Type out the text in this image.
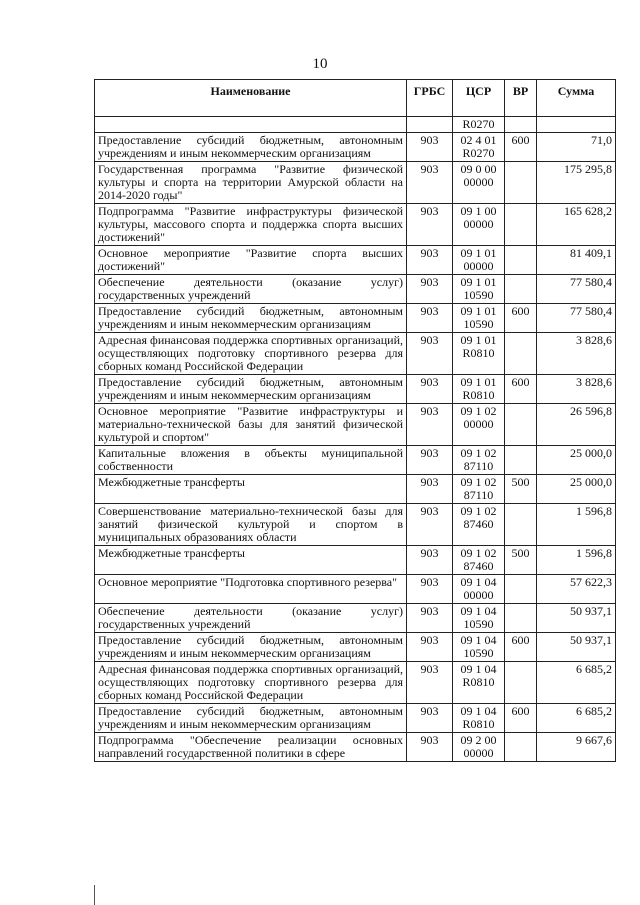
10
Наименование	ГРБС	ЦСР	ВР	Сумма
		R0270		
Предоставление субсидий бюджетным, автономным учреждениям и иным некоммерческим организациям	903	02 4 01 R0270	600	71,0
Государственная программа "Развитие физической культуры и спорта на территории Амурской области на 2014-2020 годы"	903	09 0 00 00000		175 295,8
Подпрограмма "Развитие инфраструктуры физической культуры, массового спорта и поддержка спорта высших достижений"	903	09 1 00 00000		165 628,2
Основное мероприятие "Развитие спорта высших достижений"	903	09 1 01 00000		81 409,1
Обеспечение деятельности (оказание услуг) государственных учреждений	903	09 1 01 10590		77 580,4
Предоставление субсидий бюджетным, автономным учреждениям и иным некоммерческим организациям	903	09 1 01 10590	600	77 580,4
Адресная финансовая поддержка спортивных организаций, осуществляющих подготовку спортивного резерва для сборных команд Российской Федерации	903	09 1 01 R0810		3 828,6
Предоставление субсидий бюджетным, автономным учреждениям и иным некоммерческим организациям	903	09 1 01 R0810	600	3 828,6
Основное мероприятие "Развитие инфраструктуры и материально-технической базы для занятий физической культурой и спортом"	903	09 1 02 00000		26 596,8
Капитальные вложения в объекты муниципальной собственности	903	09 1 02 87110		25 000,0
Межбюджетные трансферты	903	09 1 02 87110	500	25 000,0
Совершенствование материально-технической базы для занятий физической культурой и спортом в муниципальных образованиях области	903	09 1 02 87460		1 596,8
Межбюджетные трансферты	903	09 1 02 87460	500	1 596,8
Основное мероприятие "Подготовка спортивного резерва"	903	09 1 04 00000		57 622,3
Обеспечение деятельности (оказание услуг) государственных учреждений	903	09 1 04 10590		50 937,1
Предоставление субсидий бюджетным, автономным учреждениям и иным некоммерческим организациям	903	09 1 04 10590	600	50 937,1
Адресная финансовая поддержка спортивных организаций, осуществляющих подготовку спортивного резерва для сборных команд Российской Федерации	903	09 1 04 R0810		6 685,2
Предоставление субсидий бюджетным, автономным учреждениям и иным некоммерческим организациям	903	09 1 04 R0810	600	6 685,2
Подпрограмма "Обеспечение реализации основных направлений государственной политики в сфере	903	09 2 00 00000		9 667,6
